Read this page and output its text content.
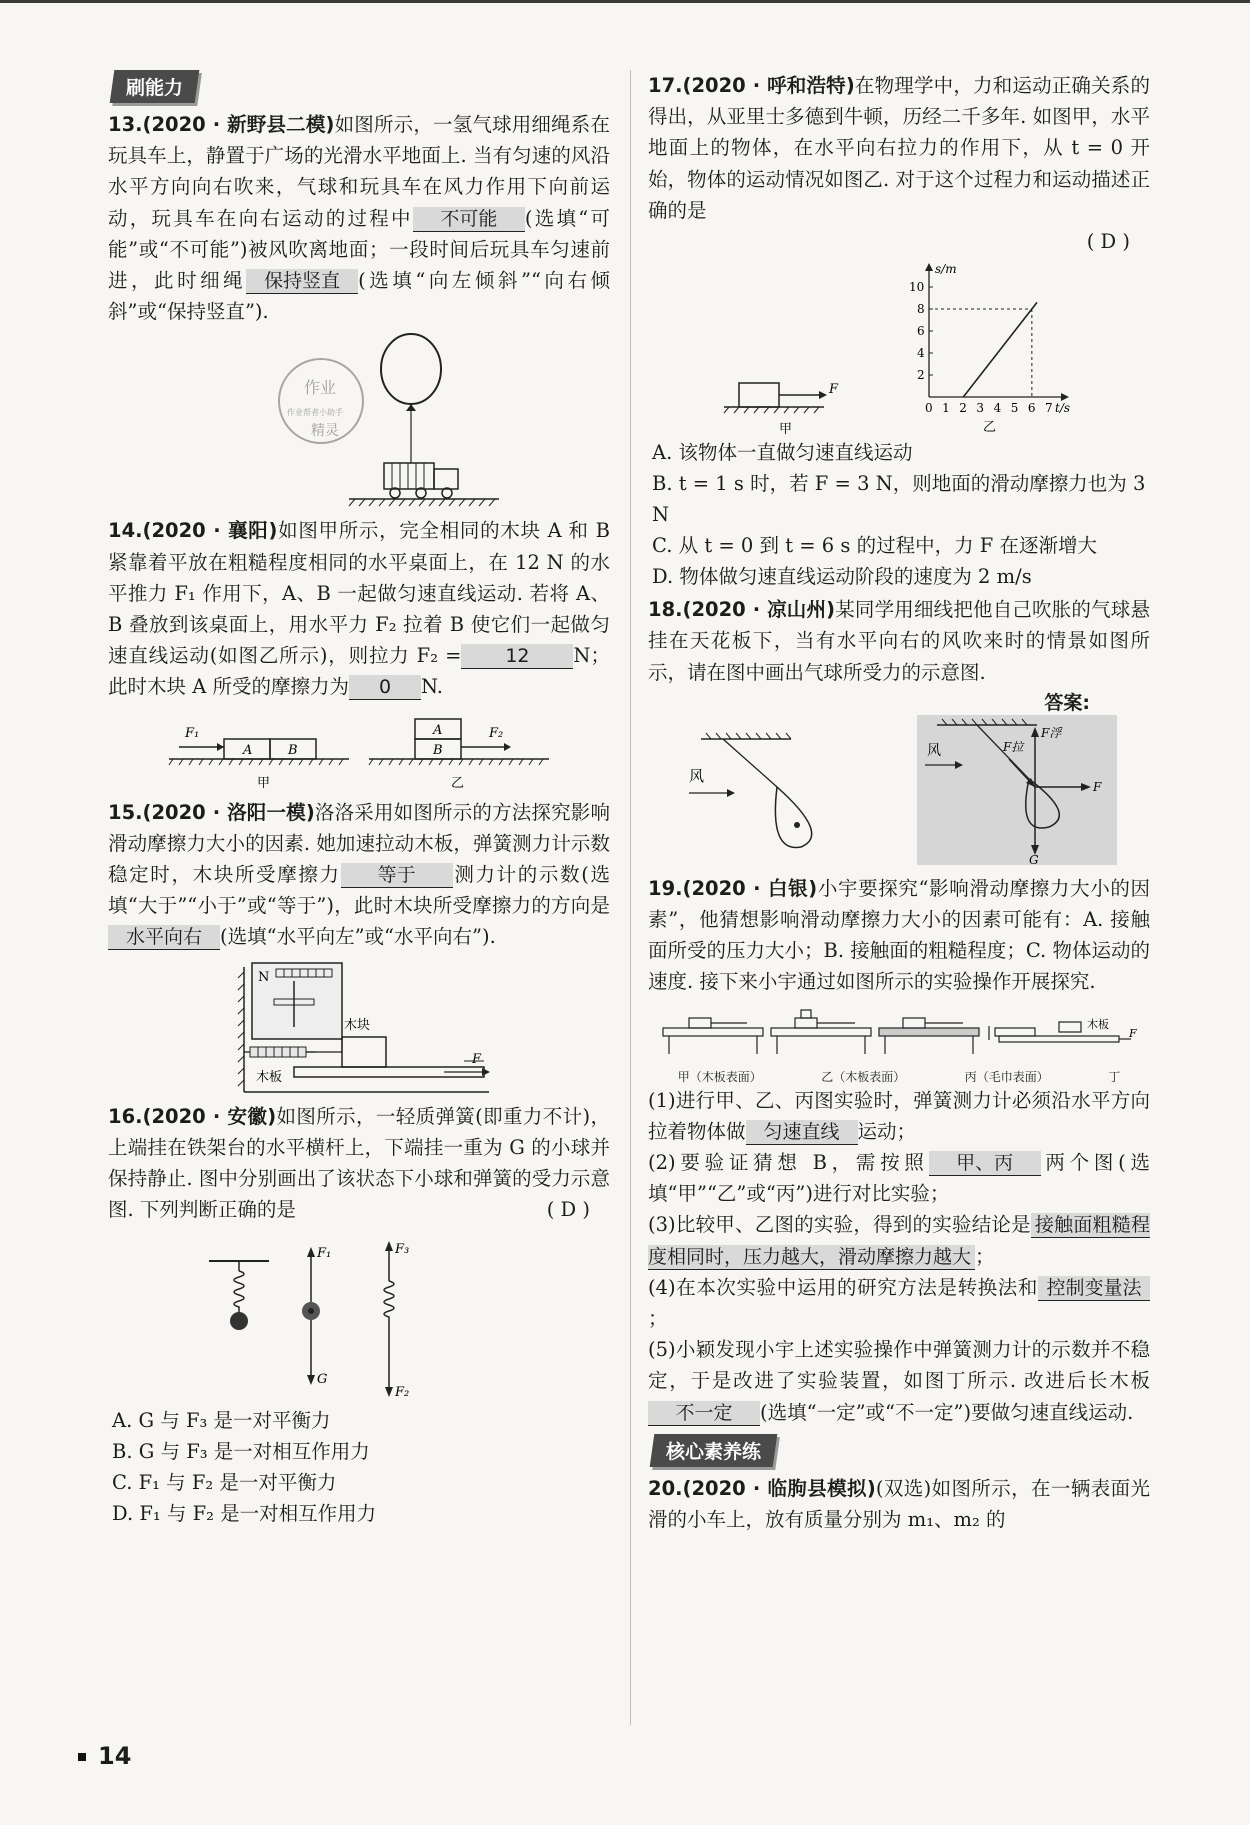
刷能力

13.(2020 · 新野县二模)如图所示，一氢气球用细绳系在玩具车上，静置于广场的光滑水平地面上. 当有匀速的风沿水平方向向右吹来，气球和玩具车在风力作用下向前运动，玩具车在向右运动的过程中 不可能 (选填“可能”或“不可能”)被风吹离地面；一段时间后玩具车匀速前进，此时细绳 保持竖直 (选填“向左倾斜”“向右倾斜”或“保持竖直”).

作业
作业帮者小助手
精灵

14.(2020 · 襄阳)如图甲所示，完全相同的木块 A 和 B 紧靠着平放在粗糙程度相同的水平桌面上，在 12 N 的水平推力 F₁ 作用下，A、B 一起做匀速直线运动. 若将 A、B 叠放到该桌面上，用水平力 F₂ 拉着 B 使它们一起做匀速直线运动(如图乙所示)，则拉力 F₂ = 12 N；此时木块 A 所受的摩擦力为 0 N.

F₁
A	B
甲
A
B
F₂
乙

15.(2020 · 洛阳一模)洛洛采用如图所示的方法探究影响滑动摩擦力大小的因素. 她加速拉动木板，弹簧测力计示数稳定时，木块所受摩擦力 等于 测力计的示数(选填“大于”“小于”或“等于”)，此时木块所受摩擦力的方向是水平向右 (选填“水平向左”或“水平向右”).

N
木块
木板
F

16.(2020 · 安徽)如图所示，一轻质弹簧(即重力不计)，上端挂在铁架台的水平横杆上，下端挂一重为 G 的小球并保持静止. 图中分别画出了该状态下小球和弹簧的受力示意图. 下列判断正确的是	( D )

F₁
G
F₃
F₂

A. G 与 F₃ 是一对平衡力

B. G 与 F₃ 是一对相互作用力

C. F₁ 与 F₂ 是一对平衡力

D. F₁ 与 F₂ 是一对相互作用力

17.(2020 · 呼和浩特)在物理学中，力和运动正确关系的得出，从亚里士多德到牛顿，历经二千多年. 如图甲，水平地面上的物体，在水平向右拉力的作用下，从 t = 0 开始，物体的运动情况如图乙. 对于这个过程力和运动描述正确的是

( D )

F
甲
0 1 2 3 4 5 6 7
2
4
6
8
10
s/m
t/s
乙

A. 该物体一直做匀速直线运动

B. t = 1 s 时，若 F = 3 N，则地面的滑动摩擦力也为 3 N

C. 从 t = 0 到 t = 6 s 的过程中，力 F 在逐渐增大

D. 物体做匀速直线运动阶段的速度为 2 m/s

18.(2020 · 凉山州)某同学用细线把他自己吹胀的气球悬挂在天花板下，当有水平向右的风吹来时的情景如图所示，请在图中画出气球所受力的示意图.

答案:
风
风	F拉
F浮
F
G

19.(2020 · 白银)小宇要探究“影响滑动摩擦力大小的因素”，他猜想影响滑动摩擦力大小的因素可能有：A. 接触面所受的压力大小；B. 接触面的粗糙程度；C. 物体运动的速度. 接下来小宇通过如图所示的实验操作开展探究.

木板
F
甲（木板表面）	乙（木板表面）	丙（毛巾表面）	丁

(1)进行甲、乙、丙图实验时，弹簧测力计必须沿水平方向拉着物体做 匀速直线 运动；

(2)要验证猜想 B，需按照 甲、丙 两个图(选填“甲”“乙”或“丙”)进行对比实验；

(3)比较甲、乙图的实验，得到的实验结论是 接触面粗糙程度相同时，压力越大，滑动摩擦力越大 ；

(4)在本次实验中运用的研究方法是转换法和 控制变量法；

(5)小颖发现小宇上述实验操作中弹簧测力计的示数并不稳定，于是改进了实验装置，如图丁所示. 改进后长木板不一定 (选填“一定”或“不一定”)要做匀速直线运动.

核心素养练

20.(2020 · 临朐县模拟)(双选)如图所示，在一辆表面光滑的小车上，放有质量分别为 m₁、m₂ 的

14
